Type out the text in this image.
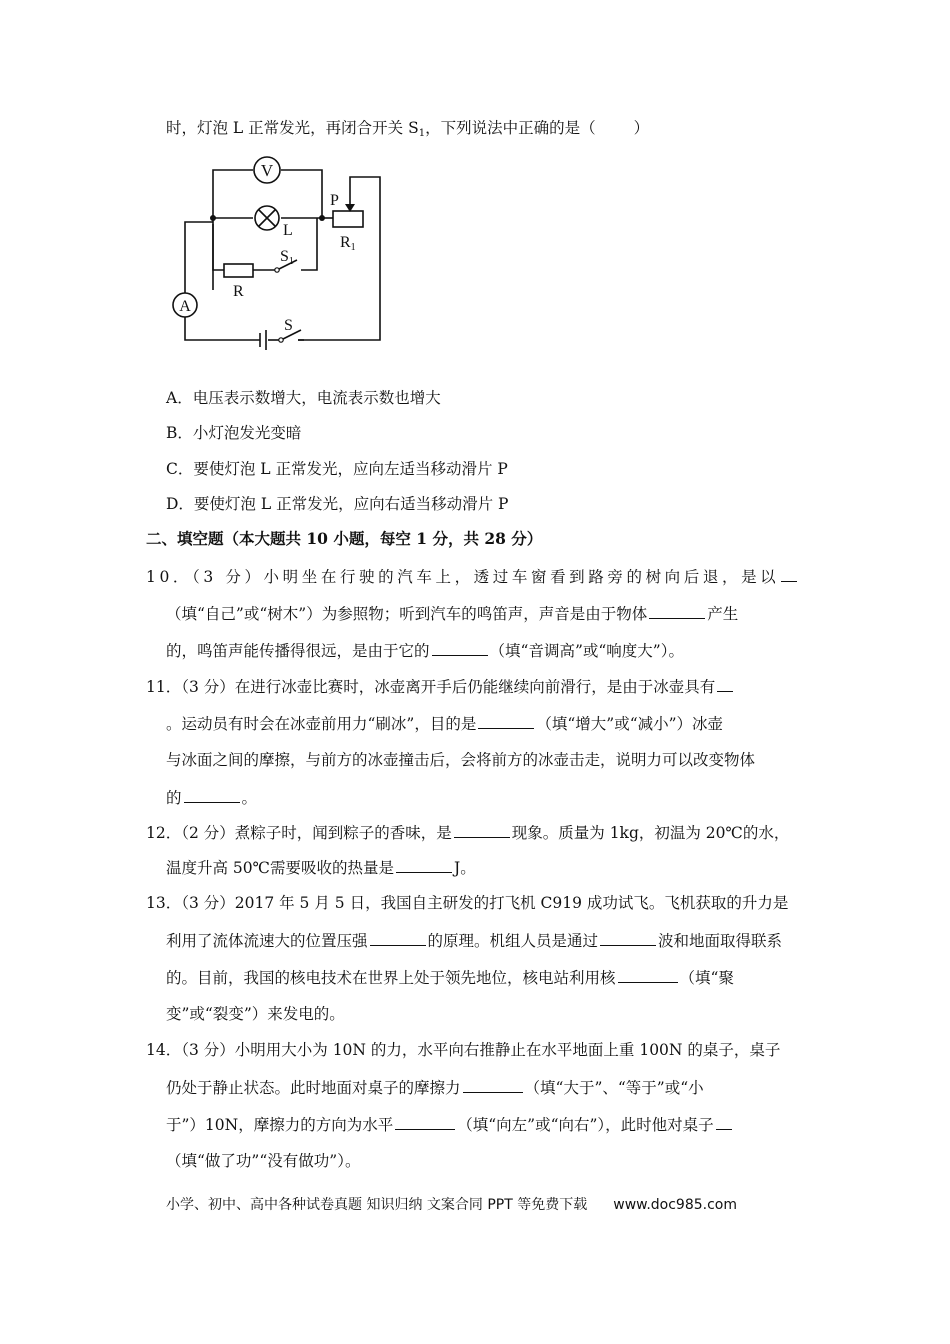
时，灯泡 L 正常发光，再闭合开关 $S_1$，下列说法中正确的是（ ）
V
A
L
P
R1
R
S1
S
A．电压表示数增大，电流表示数也增大
B．小灯泡发光变暗
C．要使灯泡 L 正常发光，应向左适当移动滑片 P
D．要使灯泡 L 正常发光，应向右适当移动滑片 P
二、填空题（本大题共 10 小题，每空 1 分，共 28 分）
10．（3 分）小明坐在行驶的汽车上，透过车窗看到路旁的树向后退，是以
（填“自己”或“树木”）为参照物；听到汽车的鸣笛声，声音是由于物体	产生
的，鸣笛声能传播得很远，是由于它的	（填“音调高”或“响度大”）。
11．（3 分）在进行冰壶比赛时，冰壶离开手后仍能继续向前滑行，是由于冰壶具有
。运动员有时会在冰壶前用力“刷冰”，目的是	（填“增大”或“减小”）冰壶
与冰面之间的摩擦，与前方的冰壶撞击后，会将前方的冰壶击走，说明力可以改变物体
的	。
12．（2 分）煮粽子时，闻到粽子的香味，是	现象。质量为 1kg，初温为 20℃的水，
温度升高 50℃需要吸收的热量是	J。
13．（3 分）2017 年 5 月 5 日，我国自主研发的打飞机 C919 成功试飞。飞机获取的升力是
利用了流体流速大的位置压强	的原理。机组人员是通过	波和地面取得联系
的。目前，我国的核电技术在世界上处于领先地位，核电站利用核	（填“聚
变”或“裂变”）来发电的。
14．（3 分）小明用大小为 10N 的力，水平向右推静止在水平地面上重 100N 的桌子，桌子
仍处于静止状态。此时地面对桌子的摩擦力	（填“大于”、“等于”或“小
于”）10N，摩擦力的方向为水平	（填“向左”或“向右”），此时他对桌子
（填“做了功”“没有做功”）。
小学、初中、高中各种试卷真题 知识归纳 文案合同 PPT 等免费下载 www.doc985.com
